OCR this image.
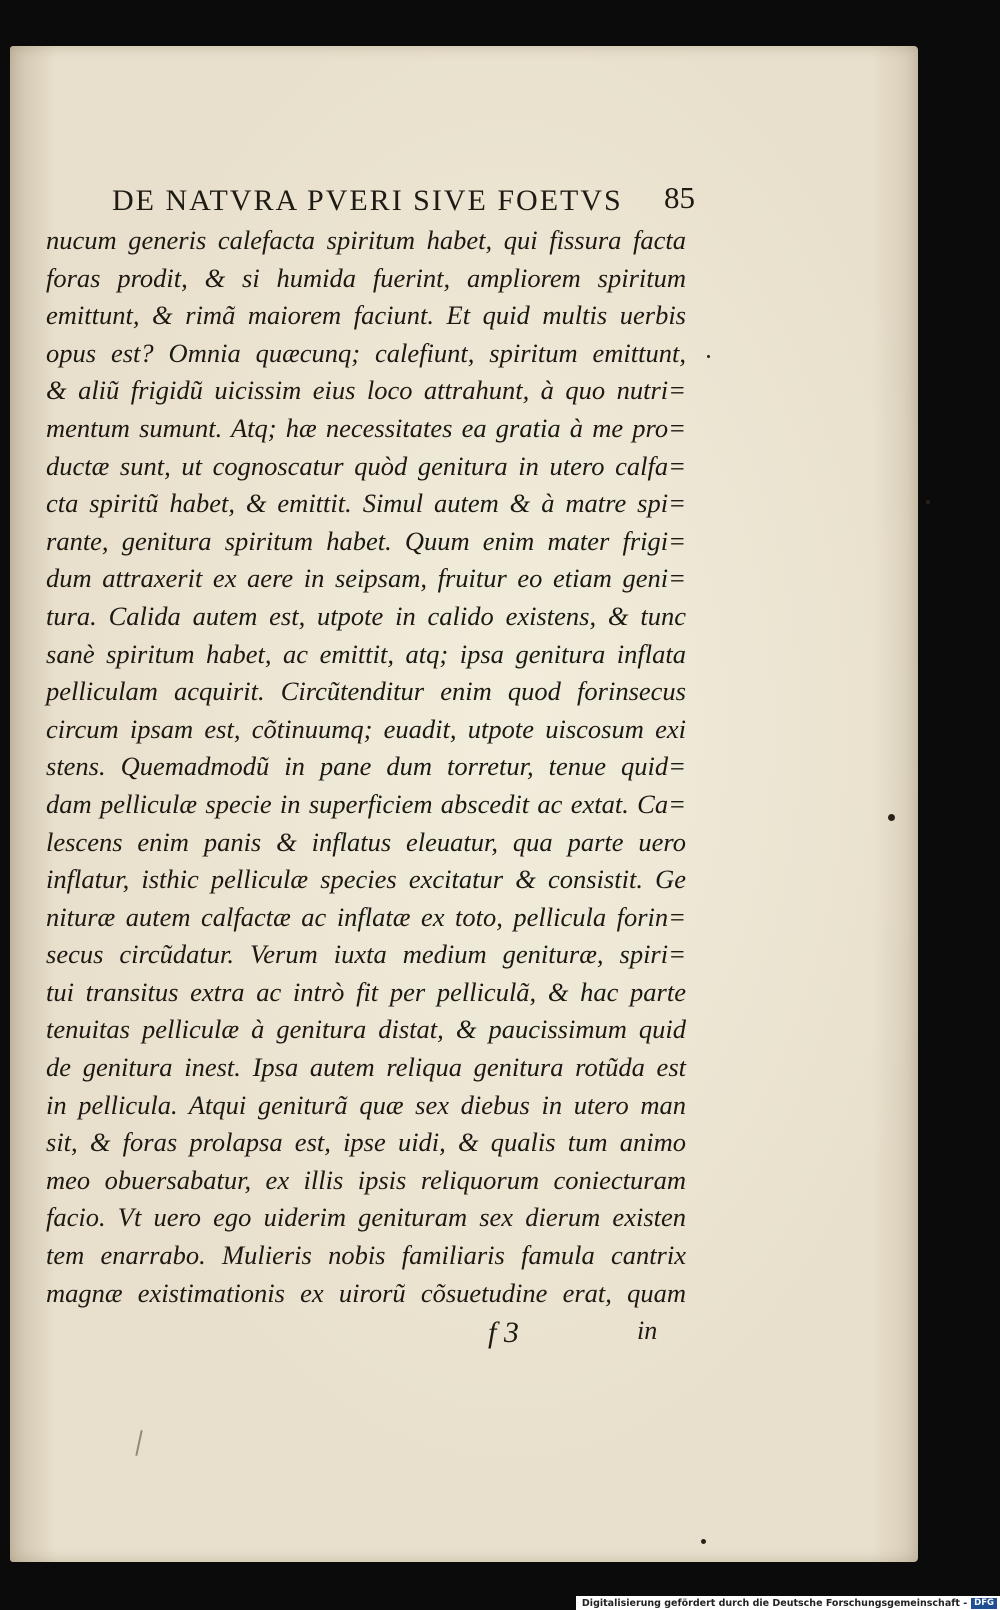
DE NATVRA PVERI SIVE FOETVS	85
nucum generis calefacta spiritum habet, qui fissura facta
foras prodit, & si humida fuerint, ampliorem spiritum
emittunt, & rimã maiorem faciunt. Et quid multis uerbis
opus est? Omnia quæcunq; calefiunt, spiritum emittunt,
& aliũ frigidũ uicissim eius loco attrahunt, à quo nutri=
mentum sumunt. Atq; hæ necessitates ea gratia à me pro=
ductæ sunt, ut cognoscatur quòd genitura in utero calfa=
cta spiritũ habet, & emittit. Simul autem & à matre spi=
rante, genitura spiritum habet. Quum enim mater frigi=
dum attraxerit ex aere in seipsam, fruitur eo etiam geni=
tura. Calida autem est, utpote in calido existens, & tunc
sanè spiritum habet, ac emittit, atq; ipsa genitura inflata
pelliculam acquirit. Circũtenditur enim quod forinsecus
circum ipsam est, cõtinuumq; euadit, utpote uiscosum exi
stens. Quemadmodũ in pane dum torretur, tenue quid=
dam pelliculæ specie in superficiem abscedit ac extat. Ca=
lescens enim panis & inflatus eleuatur, qua parte uero
inflatur, isthic pelliculæ species excitatur & consistit. Ge
nituræ autem calfactæ ac inflatæ ex toto, pellicula forin=
secus circũdatur. Verum iuxta medium genituræ, spiri=
tui transitus extra ac intrò fit per pelliculã, & hac parte
tenuitas pelliculæ à genitura distat, & paucissimum quid
de genitura inest. Ipsa autem reliqua genitura rotũda est
in pellicula. Atqui geniturã quæ sex diebus in utero man
sit, & foras prolapsa est, ipse uidi, & qualis tum animo
meo obuersabatur, ex illis ipsis reliquorum coniecturam
facio. Vt uero ego uiderim genituram sex dierum existen
tem enarrabo. Mulieris nobis familiaris famula cantrix
magnæ existimationis ex uirorũ cõsuetudine erat, quam
f 3	in
Digitalisierung gefördert durch die Deutsche Forschungsgemeinschaft - DFG
